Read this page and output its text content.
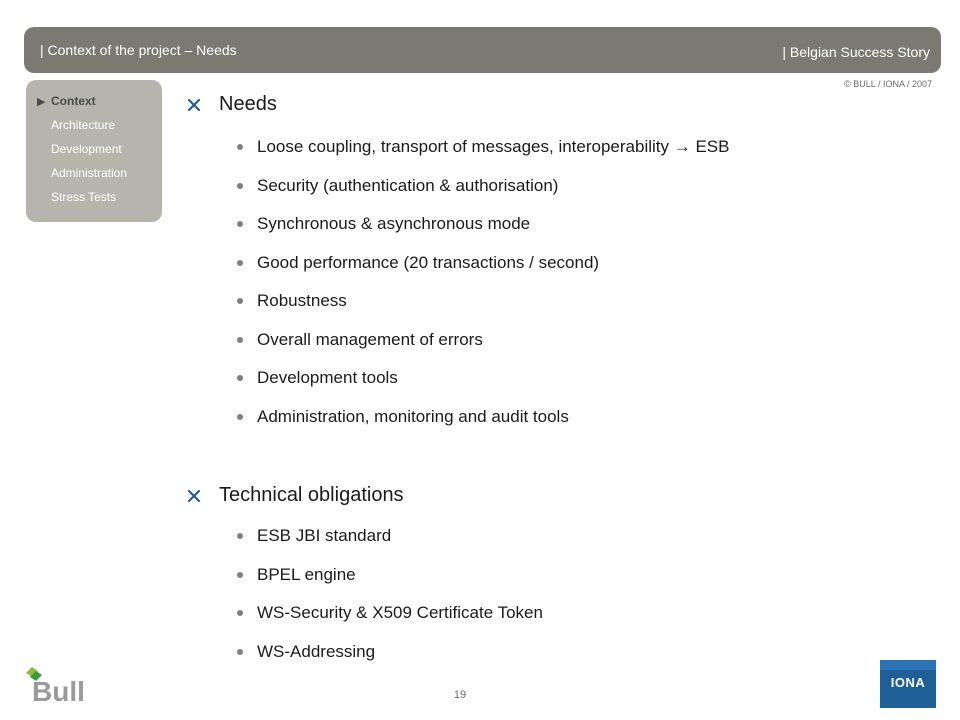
| Context of the project – Needs	| Belgian Success Story
© BULL / IONA / 2007
▶ Context
Architecture
Development
Administration
Stress Tests
Needs
Loose coupling, transport of messages, interoperability → ESB
Security (authentication & authorisation)
Synchronous & asynchronous mode
Good performance (20 transactions / second)
Robustness
Overall management of errors
Development tools
Administration, monitoring and audit tools
Technical obligations
ESB JBI standard
BPEL engine
WS-Security & X509 Certificate Token
WS-Addressing
Bull	19
IONA
